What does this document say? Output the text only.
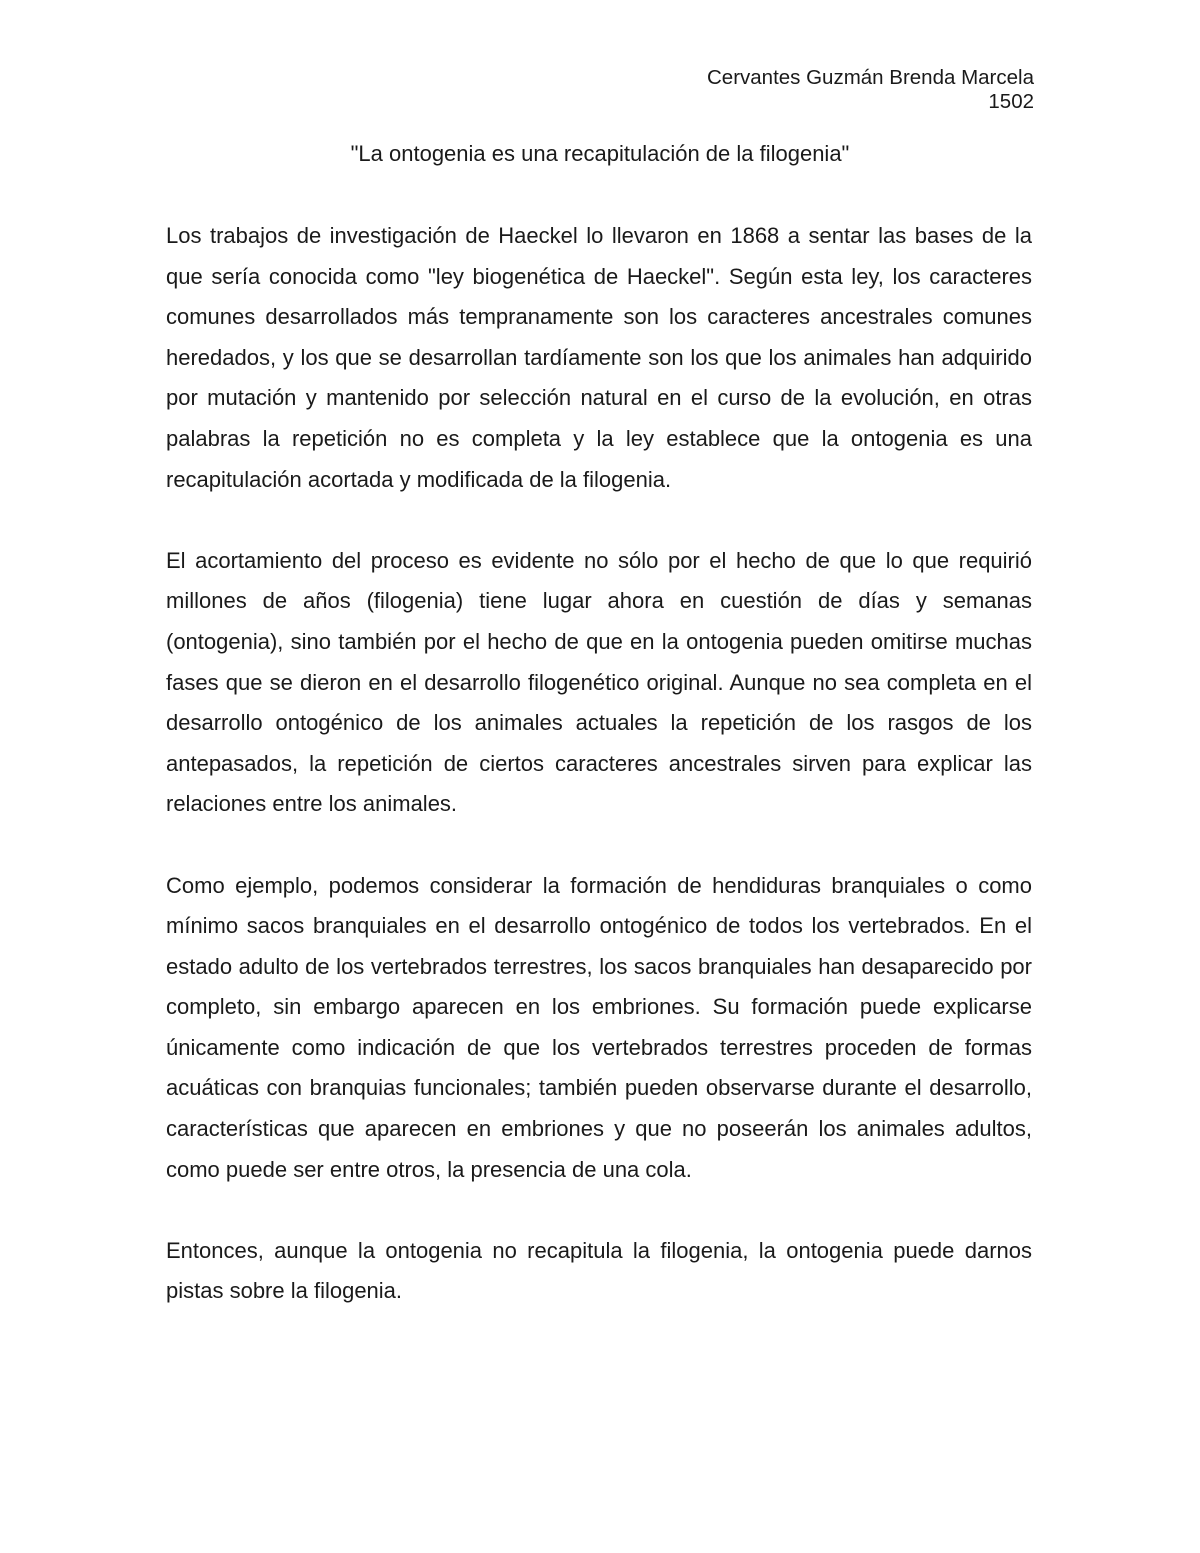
Cervantes Guzmán Brenda Marcela
1502
"La ontogenia es una recapitulación de la filogenia"

Los trabajos de investigación de Haeckel lo llevaron en 1868 a sentar las bases de la que sería conocida como "ley biogenética de Haeckel". Según esta ley, los caracteres comunes desarrollados más tempranamente son los caracteres ancestrales comunes heredados, y los que se desarrollan tardíamente son los que los animales han adquirido por mutación y mantenido por selección natural en el curso de la evolución, en otras palabras la repetición no es completa y la ley establece que la ontogenia es una recapitulación acortada y modificada de la filogenia.

El acortamiento del proceso es evidente no sólo por el hecho de que lo que requirió millones de años (filogenia) tiene lugar ahora en cuestión de días y semanas (ontogenia), sino también por el hecho de que en la ontogenia pueden omitirse muchas fases que se dieron en el desarrollo filogenético original. Aunque no sea completa en el desarrollo ontogénico de los animales actuales la repetición de los rasgos de los antepasados, la repetición de ciertos caracteres ancestrales sirven para explicar las relaciones entre los animales.

Como ejemplo, podemos considerar la formación de hendiduras branquiales o como mínimo sacos branquiales en el desarrollo ontogénico de todos los vertebrados. En el estado adulto de los vertebrados terrestres, los sacos branquiales han desaparecido por completo, sin embargo aparecen en los embriones. Su formación puede explicarse únicamente como indicación de que los vertebrados terrestres proceden de formas acuáticas con branquias funcionales; también pueden observarse durante el desarrollo, características que aparecen en embriones y que no poseerán los animales adultos, como puede ser entre otros, la presencia de una cola.

Entonces, aunque la ontogenia no recapitula la filogenia, la ontogenia puede darnos pistas sobre la filogenia.
